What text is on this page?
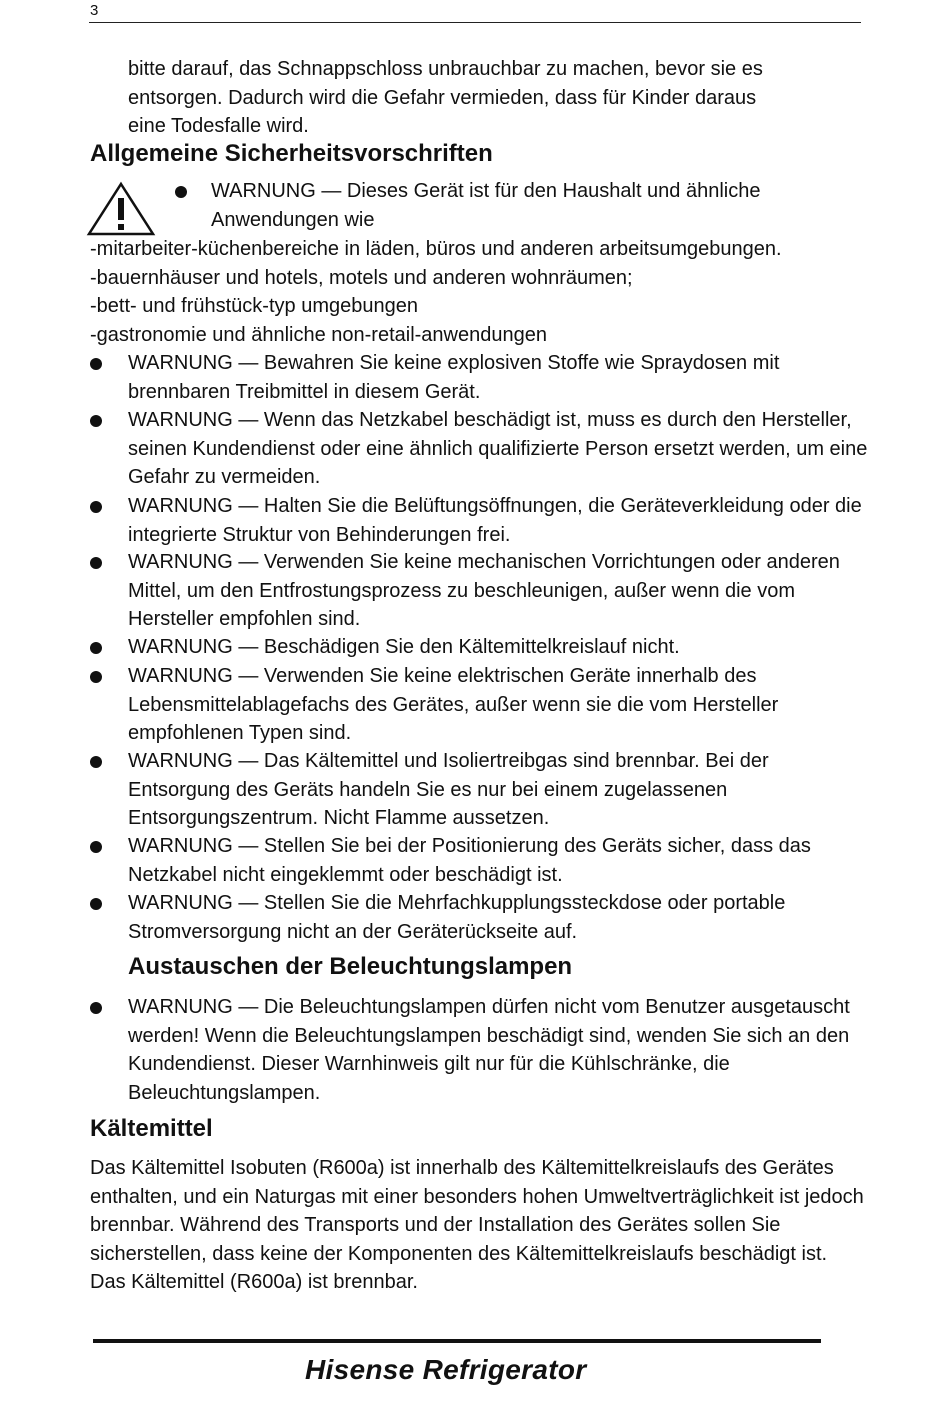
3
bitte darauf, das Schnappschloss unbrauchbar zu machen, bevor sie es
entsorgen. Dadurch wird die Gefahr vermieden, dass für Kinder daraus
eine Todesfalle wird.
Allgemeine Sicherheitsvorschriften
WARNUNG — Dieses Gerät ist für den Haushalt und ähnliche Anwendungen wie
-mitarbeiter-küchenbereiche in läden, büros und anderen arbeitsumgebungen.
-bauernhäuser und hotels, motels und anderen wohnräumen;
-bett- und frühstück-typ umgebungen
-gastronomie und ähnliche non-retail-anwendungen
WARNUNG — Bewahren Sie keine explosiven Stoffe wie Spraydosen mit brennbaren Treibmittel in diesem Gerät.
WARNUNG — Wenn das Netzkabel beschädigt ist, muss es durch den Hersteller, seinen Kundendienst oder eine ähnlich qualifizierte Person ersetzt werden, um eine Gefahr zu vermeiden.
WARNUNG — Halten Sie die Belüftungsöffnungen, die Geräteverkleidung oder die integrierte Struktur von Behinderungen frei.
WARNUNG — Verwenden Sie keine mechanischen Vorrichtungen oder anderen Mittel, um den Entfrostungsprozess zu beschleunigen, außer wenn die vom Hersteller empfohlen sind.
WARNUNG — Beschädigen Sie den Kältemittelkreislauf nicht.
WARNUNG — Verwenden Sie keine elektrischen Geräte innerhalb des Lebensmittelablagefachs des Gerätes, außer wenn sie die vom Hersteller empfohlenen Typen sind.
WARNUNG — Das Kältemittel und Isoliertreibgas sind brennbar. Bei der Entsorgung des Geräts handeln Sie es nur bei einem zugelassenen Entsorgungszentrum. Nicht Flamme aussetzen.
WARNUNG — Stellen Sie bei der Positionierung des Geräts sicher, dass das Netzkabel nicht eingeklemmt oder beschädigt ist.
WARNUNG — Stellen Sie die Mehrfachkupplungssteckdose oder portable Stromversorgung nicht an der Geräterückseite auf.
Austauschen der Beleuchtungslampen
WARNUNG — Die Beleuchtungslampen dürfen nicht vom Benutzer ausgetauscht werden! Wenn die Beleuchtungslampen beschädigt sind, wenden Sie sich an den Kundendienst. Dieser Warnhinweis gilt nur für die Kühlschränke, die Beleuchtungslampen.
Kältemittel
Das Kältemittel Isobuten (R600a) ist innerhalb des Kältemittelkreislaufs des Gerätes enthalten, und ein Naturgas mit einer besonders hohen Umweltverträglichkeit ist jedoch brennbar. Während des Transports und der Installation des Gerätes sollen Sie sicherstellen, dass keine der Komponenten des Kältemittelkreislaufs beschädigt ist.
Das Kältemittel (R600a) ist brennbar.
Hisense Refrigerator
